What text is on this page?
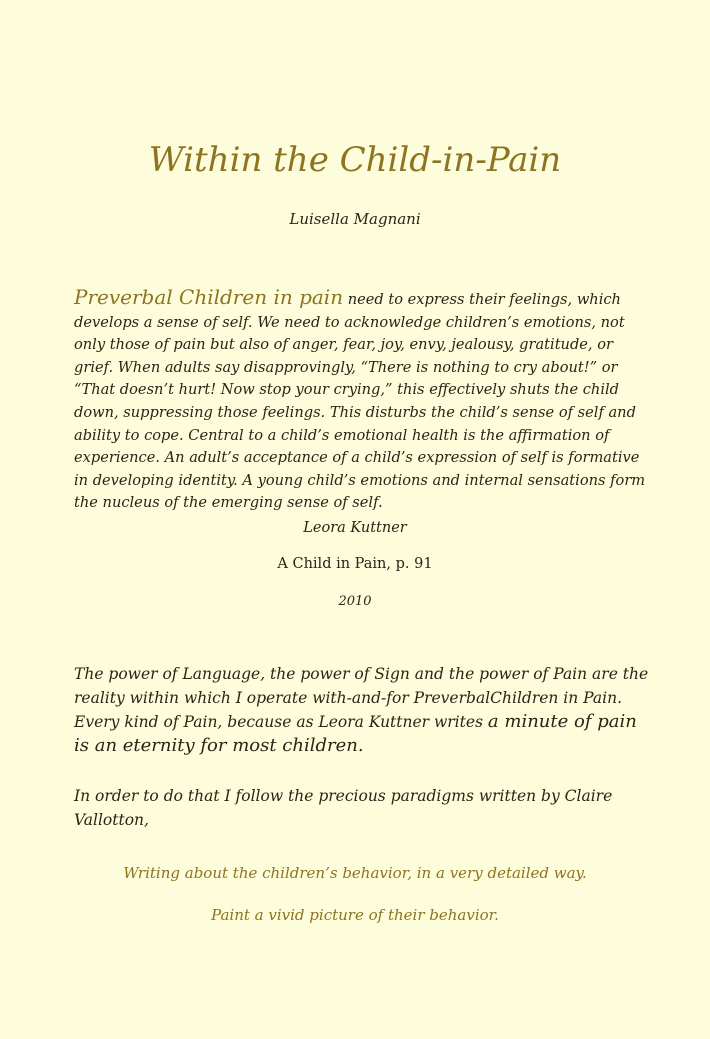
Within the Child-in-Pain
Luisella Magnani

Preverbal Children in pain need to express their feelings, which develops a sense of self. We need to acknowledge children’s emotions, not only those of pain but also of anger, fear, joy, envy, jealousy, gratitude, or grief. When adults say disapprovingly, “There is nothing to cry about!” or “That doesn’t hurt! Now stop your crying,” this effectively shuts the child down, suppressing those feelings. This disturbs the child’s sense of self and ability to cope. Central to a child’s emotional health is the affirmation of experience. An adult’s acceptance of a child’s expression of self is formative in developing identity. A young child’s emotions and internal sensations form the nucleus of the emerging sense of self.

Leora Kuttner
A Child in Pain, p. 91
2010

The power of Language, the power of Sign and the power of Pain are the reality within which I operate with-and-for PreverbalChildren in Pain. Every kind of Pain, because as Leora Kuttner writes a minute of pain is an eternity for most children.

In order to do that I follow the precious paradigms written by Claire Vallotton,

Writing about the children’s behavior, in a very detailed way.
Paint a vivid picture of their behavior.
